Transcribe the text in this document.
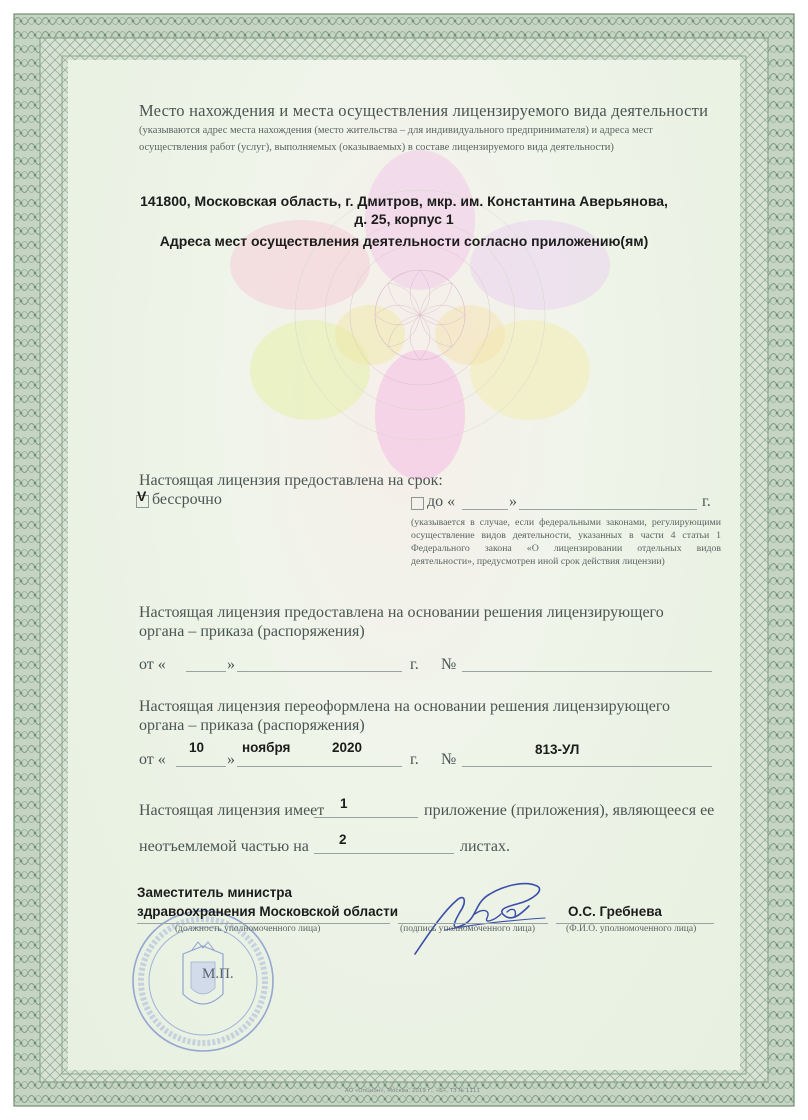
Место нахождения и места осуществления лицензируемого вида деятельности
(указываются адрес места нахождения (место жительства – для индивидуального предпринимателя) и адреса мест
осуществления работ (услуг), выполняемых (оказываемых) в составе лицензируемого вида деятельности)
141800, Московская область, г. Дмитров, мкр. им. Константина Аверьянова,
д. 25, корпус 1
Адреса мест осуществления деятельности согласно приложению(ям)
Настоящая лицензия предоставлена на срок:
V бессрочно	до «	»	г.
(указывается в случае, если федеральными законами, регулирующими осуществление видов деятельности, указанных в части 4 статьи 1 Федерального закона «О лицензировании отдельных видов деятельности», предусмотрен иной срок действия лицензии)
Настоящая лицензия предоставлена на основании решения лицензирующего
органа – приказа (распоряжения)
от «	»	г. №
Настоящая лицензия переоформлена на основании решения лицензирующего
органа – приказа (распоряжения)
от «
10
»
ноября	2020
г. №
813-УЛ
Настоящая лицензия имеет 1	приложение (приложения), являющееся ее
неотъемлемой частью на 2	листах.
М.П.
Заместитель министра
здравоохранения Московской области
(должность уполномоченного лица)	(подпись уполномоченного лица)
О.С. Гребнева
(Ф.И.О. уполномоченного лица)
АО «Опцион», Москва, 2019 г., «Б», ТЗ № 1111
